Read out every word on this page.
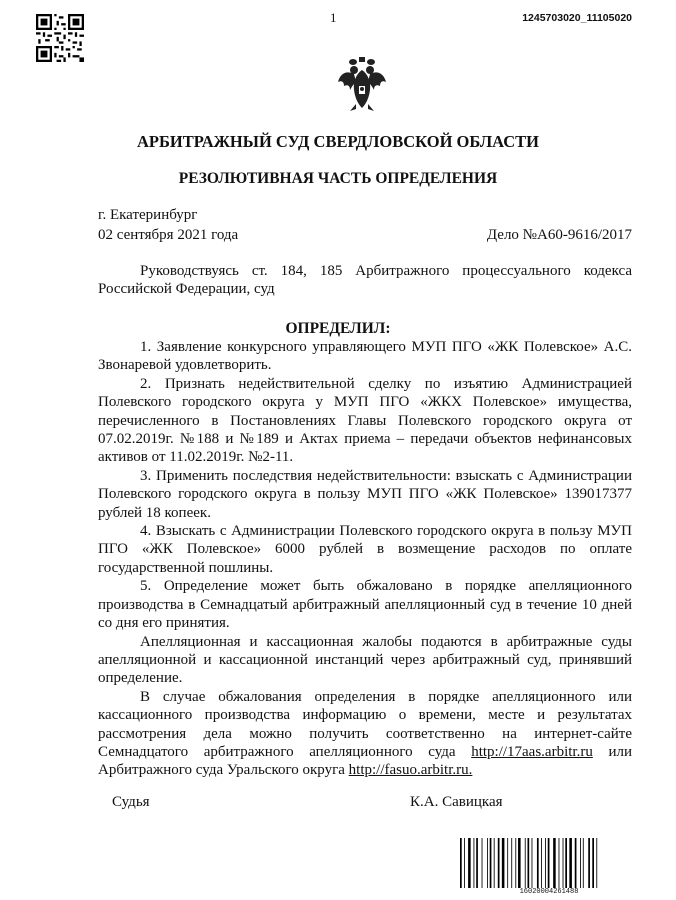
1	1245703020_11105020
АРБИТРАЖНЫЙ СУД СВЕРДЛОВСКОЙ ОБЛАСТИ
РЕЗОЛЮТИВНАЯ ЧАСТЬ ОПРЕДЕЛЕНИЯ
г. Екатеринбург
02 сентября 2021 года	Дело №А60-9616/2017

Руководствуясь ст. 184, 185 Арбитражного процессуального кодекса Российской Федерации, суд

ОПРЕДЕЛИЛ:

1. Заявление конкурсного управляющего МУП ПГО «ЖК Полевское» А.С. Звонаревой удовлетворить.

2. Признать недействительной сделку по изъятию Администрацией Полевского городского округа у МУП ПГО «ЖКХ Полевское» имущества, перечисленного в Постановлениях Главы Полевского городского округа от 07.02.2019г. №188 и №189 и Актах приема – передачи объектов нефинансовых активов от 11.02.2019г. №2-11.

3. Применить последствия недействительности: взыскать с Администрации Полевского городского округа в пользу МУП ПГО «ЖК Полевское» 139017377 рублей 18 копеек.

4. Взыскать с Администрации Полевского городского округа в пользу МУП ПГО «ЖК Полевское» 6000 рублей в возмещение расходов по оплате государственной пошлины.

5. Определение может быть обжаловано в порядке апелляционного производства в Семнадцатый арбитражный апелляционный суд в течение 10 дней со дня его принятия.

Апелляционная и кассационная жалобы подаются в арбитражные суды апелляционной и кассационной инстанций через арбитражный суд, принявший определение.

В случае обжалования определения в порядке апелляционного или кассационного производства информацию о времени, месте и результатах рассмотрения дела можно получить соответственно на интернет-сайте Семнадцатого арбитражного апелляционного суда http://17aas.arbitr.ru или Арбитражного суда Уральского округа http://fasuo.arbitr.ru.

Судья	К.А. Савицкая
16020004261488
